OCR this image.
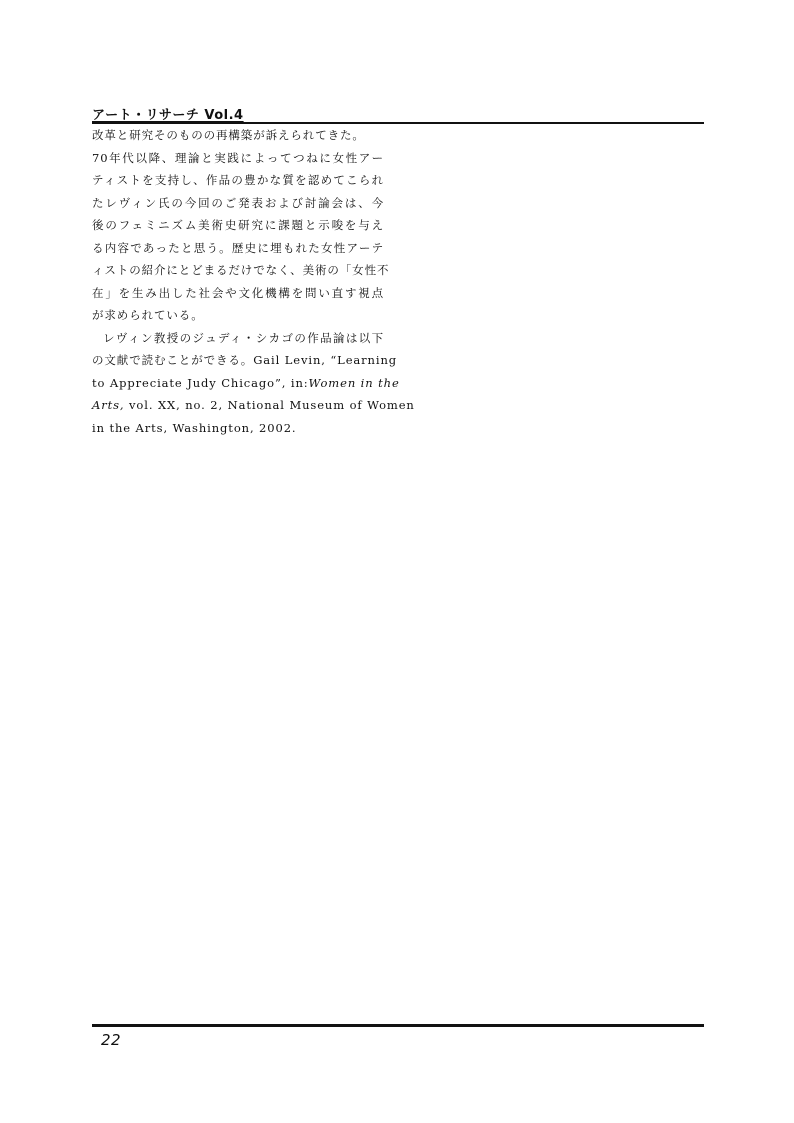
アート・リサーチ Vol.4
改革と研究そのものの再構築が訴えられてきた。
70年代以降、理論と実践によってつねに女性アー
ティストを支持し、作品の豊かな質を認めてこられ
たレヴィン氏の今回のご発表および討論会は、今
後のフェミニズム美術史研究に課題と示唆を与え
る内容であったと思う。歴史に埋もれた女性アーテ
ィストの紹介にとどまるだけでなく、美術の「女性不
在」を生み出した社会や文化機構を問い直す視点
が求められている。
レヴィン教授のジュディ・シカゴの作品論は以下
の文献で読むことができる。Gail Levin, “Learning
to Appreciate Judy Chicago”, in:Women in the
Arts, vol. XX, no. 2, National Museum of Women
in the Arts, Washington, 2002.
22
